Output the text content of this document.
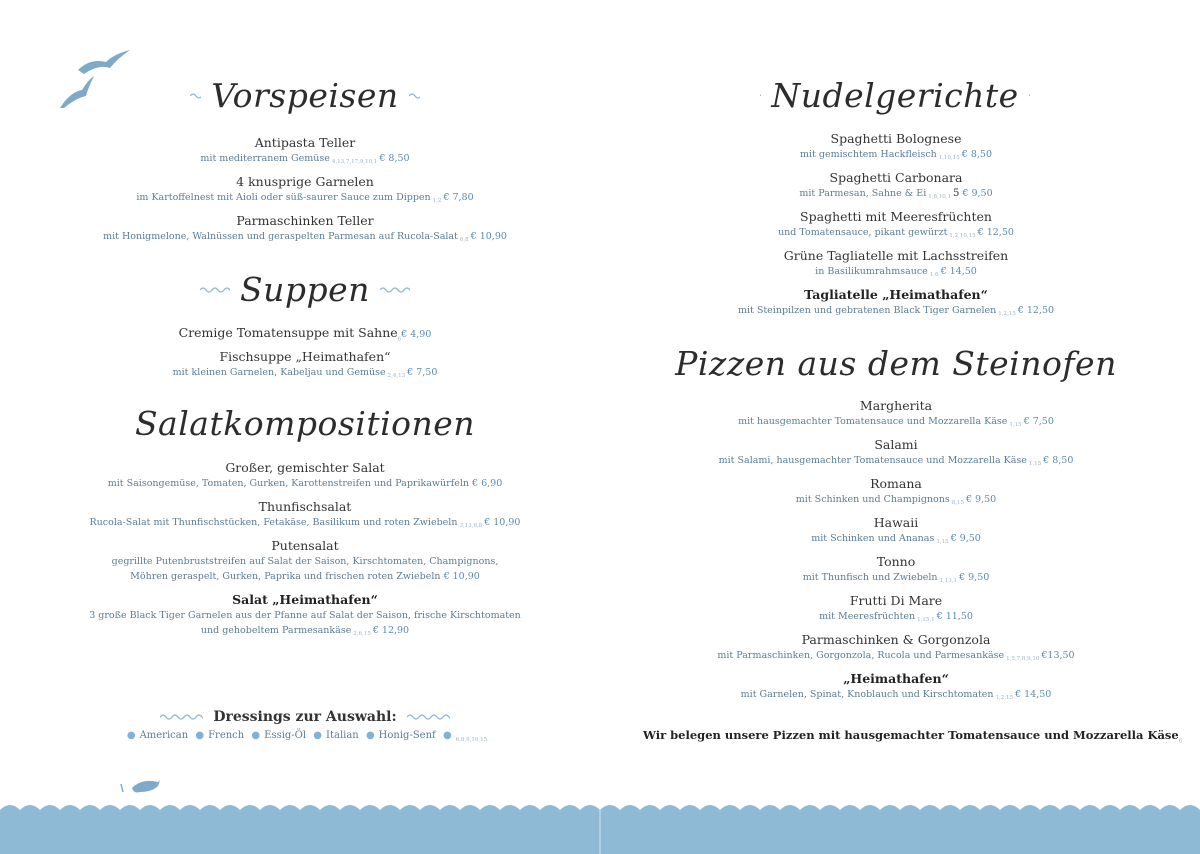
Vorspeisen
Antipasta Teller
mit mediterranem Gemüse $_{4,13,7,17,9,10,1}$ € 8,50
4 knusprige Garnelen
im Kartoffelnest mit Aioli oder süß-saurer Sauce zum Dippen $_{1,2}$ € 7,80
Parmaschinken Teller
mit Honigmelone, Walnüssen und geraspelten Parmesan auf Rucola-Salat $_{6,8}$ € 10,90
Suppen
Cremige Tomatensuppe mit Sahne$_6$€ 4,90
Fischsuppe „Heimathafen“
mit kleinen Garnelen, Kabeljau und Gemüse $_{2,4,13}$ € 7,50
Salatkompositionen
Großer, gemischter Salat
mit Saisongemüse, Tomaten, Gurken, Karottenstreifen und Paprikawürfeln € 6,90
Thunfischsalat
Rucola-Salat mit Thunfischstücken, Fetakäse, Basilikum und roten Zwiebeln $_{3,13,6,8}$ € 10,90
Putensalat
gegrillte Putenbruststreifen auf Salat der Saison, Kirschtomaten, Champignons,
Möhren geraspelt, Gurken, Paprika und frischen roten Zwiebeln € 10,90
Salat „Heimathafen“
3 große Black Tiger Garnelen aus der Pfanne auf Salat der Saison, frische Kirschtomaten
und gehobeltem Parmesankäse $_{2,6,15}$ € 12,90
Dressings zur Auswahl:
● American ● French ● Essig-Öl ● Italian ● Honig-Senf ● $_{6,8,9,10,15}$
Nudelgerichte
Spaghetti Bolognese
mit gemischtem Hackfleisch $_{1,10,15}$ € 8,50
Spaghetti Carbonara
mit Parmesan, Sahne & Ei $_{1,6,10,1}$ 5 € 9,50
Spaghetti mit Meeresfrüchten
und Tomatensauce, pikant gewürzt $_{1,2,10,15}$ € 12,50
Grüne Tagliatelle mit Lachsstreifen
in Basilikumrahmsauce $_{1,6}$ € 14,50
Tagliatelle „Heimathafen“
mit Steinpilzen und gebratenen Black Tiger Garnelen $_{1,2,15}$ € 12,50
Pizzen aus dem Steinofen
Margherita
mit hausgemachter Tomatensauce und Mozzarella Käse $_{1,15}$ € 7,50
Salami
mit Salami, hausgemachter Tomatensauce und Mozzarella Käse $_{1,15}$ € 8,50
Romana
mit Schinken und Champignons $_{8,15}$ € 9,50
Hawaii
mit Schinken und Ananas $_{1,15}$ € 9,50
Tonno
mit Thunfisch und Zwiebeln $_{1,13,1}$ € 9,50
Frutti Di Mare
mit Meeresfrüchten $_{1,15,1}$ € 11,50
Parmaschinken & Gorgonzola
mit Parmaschinken, Gorgonzola, Rucola und Parmesankäse $_{1,5,7,8,9,10}$ €13,50
„Heimathafen“
mit Garnelen, Spinat, Knoblauch und Kirschtomaten $_{1,2,15}$ € 14,50
Wir belegen unsere Pizzen mit hausgemachter Tomatensauce und Mozzarella Käse$_6$
